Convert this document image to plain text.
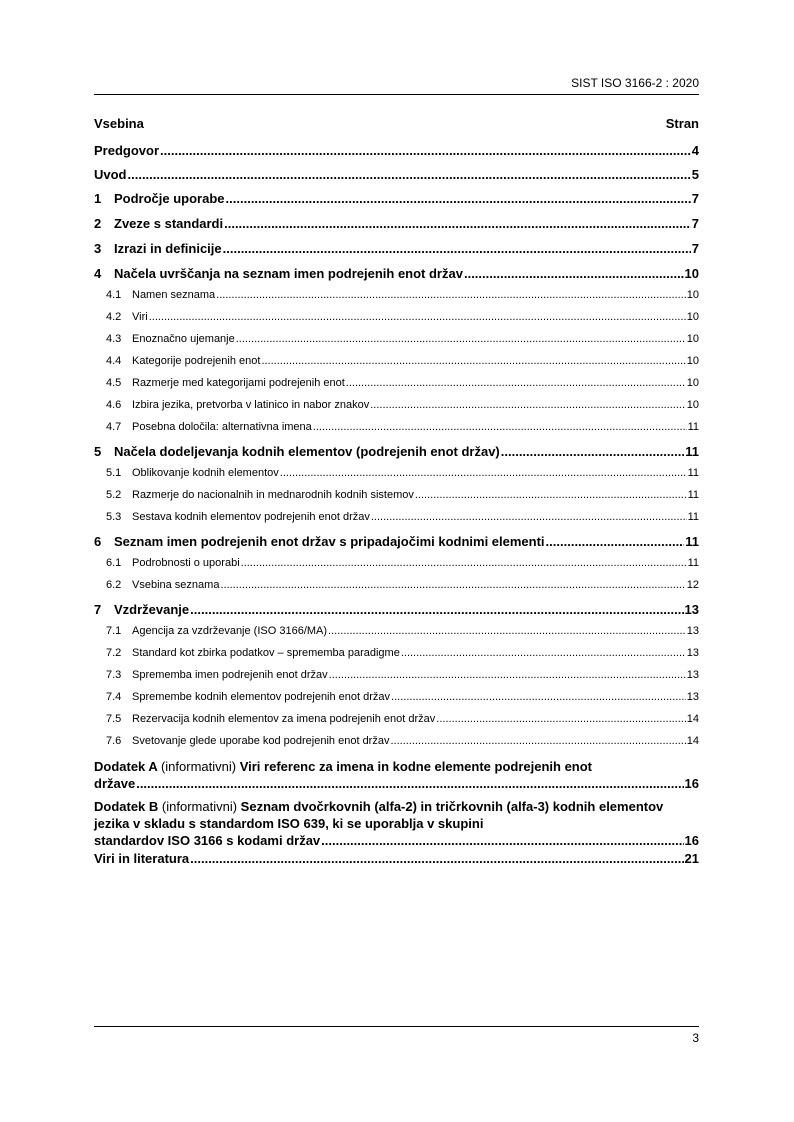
SIST ISO 3166-2 : 2020
Vsebina	Stran
Predgovor .....	4
Uvod .....	5
1 Področje uporabe .....	7
2 Zveze s standardi .....	7
3 Izrazi in definicije .....	7
4 Načela uvrščanja na seznam imen podrejenih enot držav .....	10
4.1 Namen seznama .....	10
4.2 Viri .....	10
4.3 Enoznačno ujemanje .....	10
4.4 Kategorije podrejenih enot .....	10
4.5 Razmerje med kategorijami podrejenih enot .....	10
4.6 Izbira jezika, pretvorba v latinico in nabor znakov .....	10
4.7 Posebna določila: alternativna imena .....	11
5 Načela dodeljevanja kodnih elementov (podrejenih enot držav) .....	11
5.1 Oblikovanje kodnih elementov .....	11
5.2 Razmerje do nacionalnih in mednarodnih kodnih sistemov .....	11
5.3 Sestava kodnih elementov podrejenih enot držav .....	11
6 Seznam imen podrejenih enot držav s pripadajočimi kodnimi elementi .....	11
6.1 Podrobnosti o uporabi .....	11
6.2 Vsebina seznama .....	12
7 Vzdrževanje .....	13
7.1 Agencija za vzdrževanje (ISO 3166/MA) .....	13
7.2 Standard kot zbirka podatkov – sprememba paradigme .....	13
7.3 Sprememba imen podrejenih enot držav .....	13
7.4 Spremembe kodnih elementov podrejenih enot držav .....	13
7.5 Rezervacija kodnih elementov za imena podrejenih enot držav .....	14
7.6 Svetovanje glede uporabe kod podrejenih enot držav .....	14
Dodatek A (informativni) Viri referenc za imena in kodne elemente podrejenih enot
države .....	16
Dodatek B (informativni) Seznam dvočrkovnih (alfa-2) in tričrkovnih (alfa-3) kodnih elementov jezika v skladu s standardom ISO 639, ki se uporablja v skupini
standardov ISO 3166 s kodami držav .....	16
Viri in literatura .....	21
3
